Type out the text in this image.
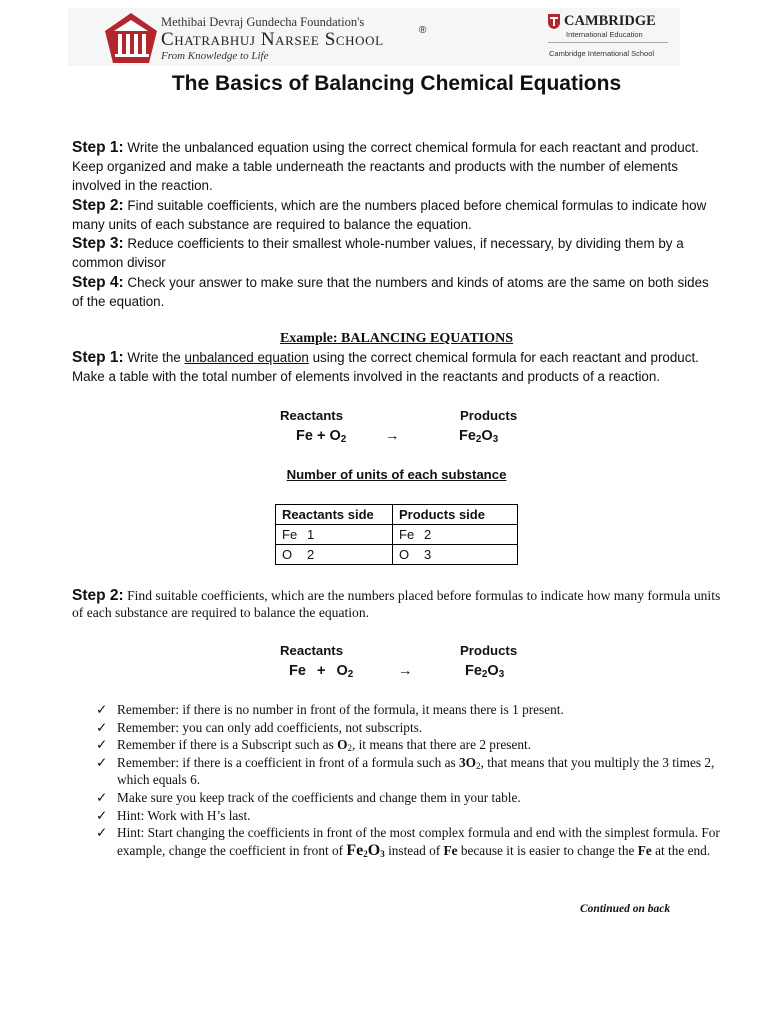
Methibai Devraj Gundecha Foundation's
Chatrabhuj Narsee School	®
From Knowledge to Life
CAMBRIDGE
International Education
Cambridge International School
The Basics of Balancing Chemical Equations
Step 1: Write the unbalanced equation using the correct chemical formula for each reactant and product. Keep organized and make a table underneath the reactants and products with the number of elements involved in the reaction.
Step 2: Find suitable coefficients, which are the numbers placed before chemical formulas to indicate how many units of each substance are required to balance the equation.
Step 3: Reduce coefficients to their smallest whole-number values, if necessary, by dividing them by a common divisor
Step 4: Check your answer to make sure that the numbers and kinds of atoms are the same on both sides of the equation.
Example: BALANCING EQUATIONS
Step 1: Write the unbalanced equation using the correct chemical formula for each reactant and product. Make a table with the total number of elements involved in the reactants and products of a reaction.
Reactants	Products
$Fe + O_2$	→	$Fe_2O_3$
Number of units of each substance
Reactants side	Products side
Fe 1	Fe 2
O 2	O 3
Step 2: Find suitable coefficients, which are the numbers placed before formulas to indicate how many formula units of each substance are required to balance the equation.
Reactants	Products
$Fe + O_2$	→	$Fe_2O_3$
✓ Remember: if there is no number in front of the formula, it means there is 1 present.
✓ Remember: you can only add coefficients, not subscripts.
✓ Remember if there is a Subscript such as $O_2$, it means that there are 2 present.
✓ Remember: if there is a coefficient in front of a formula such as $3O_2$, that means that you multiply the 3 times 2, which equals 6.
✓ Make sure you keep track of the coefficients and change them in your table.
✓ Hint: Work with H’s last.
✓ Hint: Start changing the coefficients in front of the most complex formula and end with the simplest formula. For example, change the coefficient in front of $Fe_2O_3$ instead of Fe because it is easier to change the Fe at the end.
Continued on back
